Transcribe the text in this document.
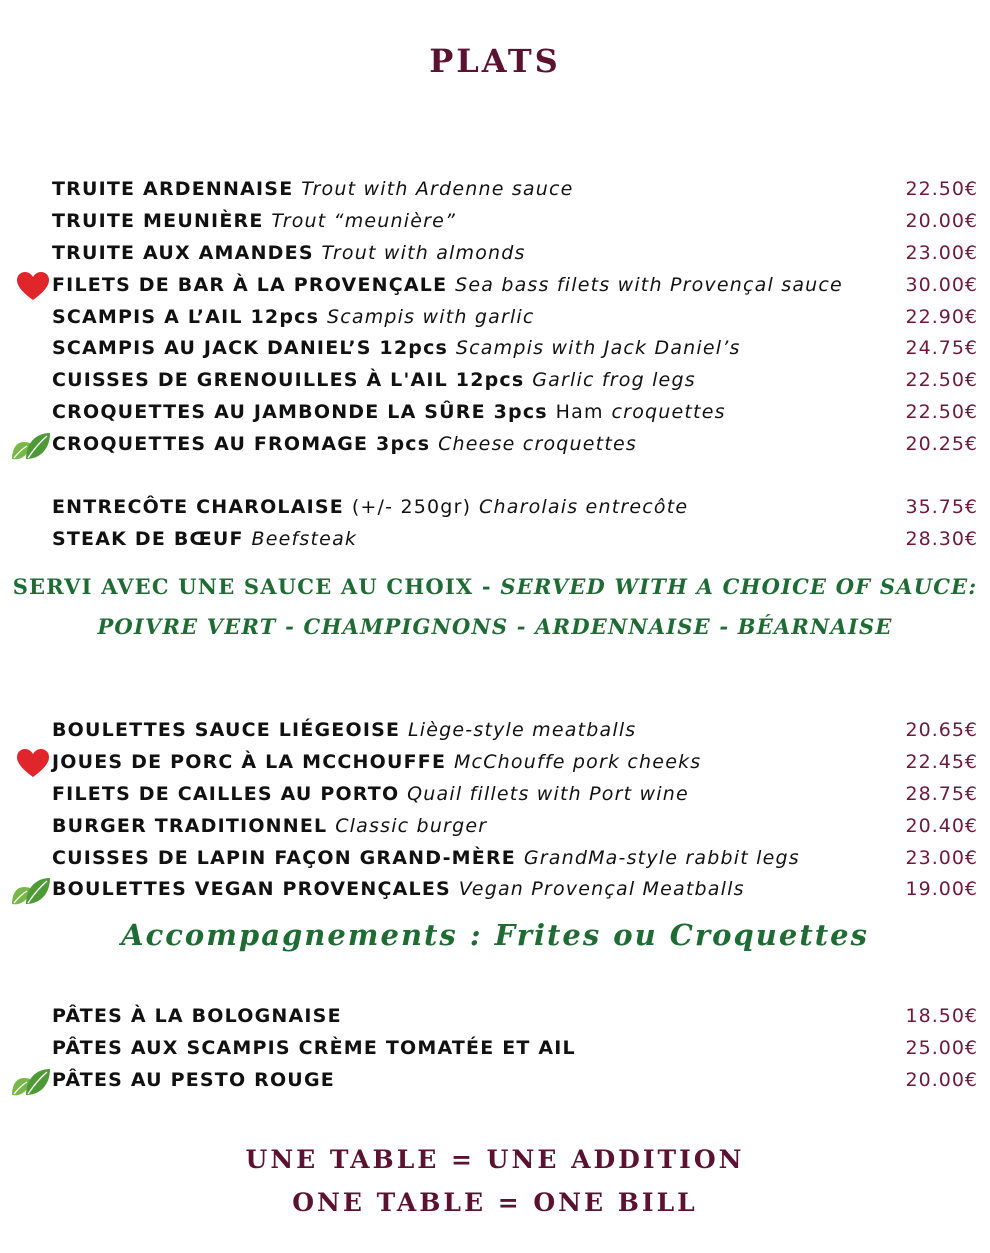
PLATS
TRUITE ARDENNAISE Trout with Ardenne sauce	22.50€
TRUITE MEUNIÈRE Trout “meunière”	20.00€
TRUITE AUX AMANDES Trout with almonds	23.00€
FILETS DE BAR À LA PROVENÇALE Sea bass filets with Provençal sauce	30.00€
SCAMPIS A L’AIL 12pcs Scampis with garlic	22.90€
SCAMPIS AU JACK DANIEL’S 12pcs Scampis with Jack Daniel’s	24.75€
CUISSES DE GRENOUILLES À L'AIL 12pcs Garlic frog legs	22.50€
CROQUETTES AU JAMBONDE LA SÛRE 3pcs Ham croquettes	22.50€
CROQUETTES AU FROMAGE 3pcs Cheese croquettes	20.25€
ENTRECÔTE CHAROLAISE (+/- 250gr) Charolais entrecôte	35.75€
STEAK DE BŒUF Beefsteak	28.30€
BOULETTES SAUCE LIÉGEOISE Liège-style meatballs	20.65€
JOUES DE PORC À LA MCCHOUFFE McChouffe pork cheeks	22.45€
FILETS DE CAILLES AU PORTO Quail fillets with Port wine	28.75€
BURGER TRADITIONNEL Classic burger	20.40€
CUISSES DE LAPIN FAÇON GRAND-MÈRE GrandMa-style rabbit legs	23.00€
BOULETTES VEGAN PROVENÇALES Vegan Provençal Meatballs	19.00€
PÂTES À LA BOLOGNAISE	18.50€
PÂTES AUX SCAMPIS CRÈME TOMATÉE ET AIL	25.00€
PÂTES AU PESTO ROUGE	20.00€
SERVI AVEC UNE SAUCE AU CHOIX - SERVED WITH A CHOICE OF SAUCE:
POIVRE VERT - CHAMPIGNONS - ARDENNAISE - BÉARNAISE
Accompagnements : Frites ou Croquettes
UNE TABLE = UNE ADDITION
ONE TABLE = ONE BILL
